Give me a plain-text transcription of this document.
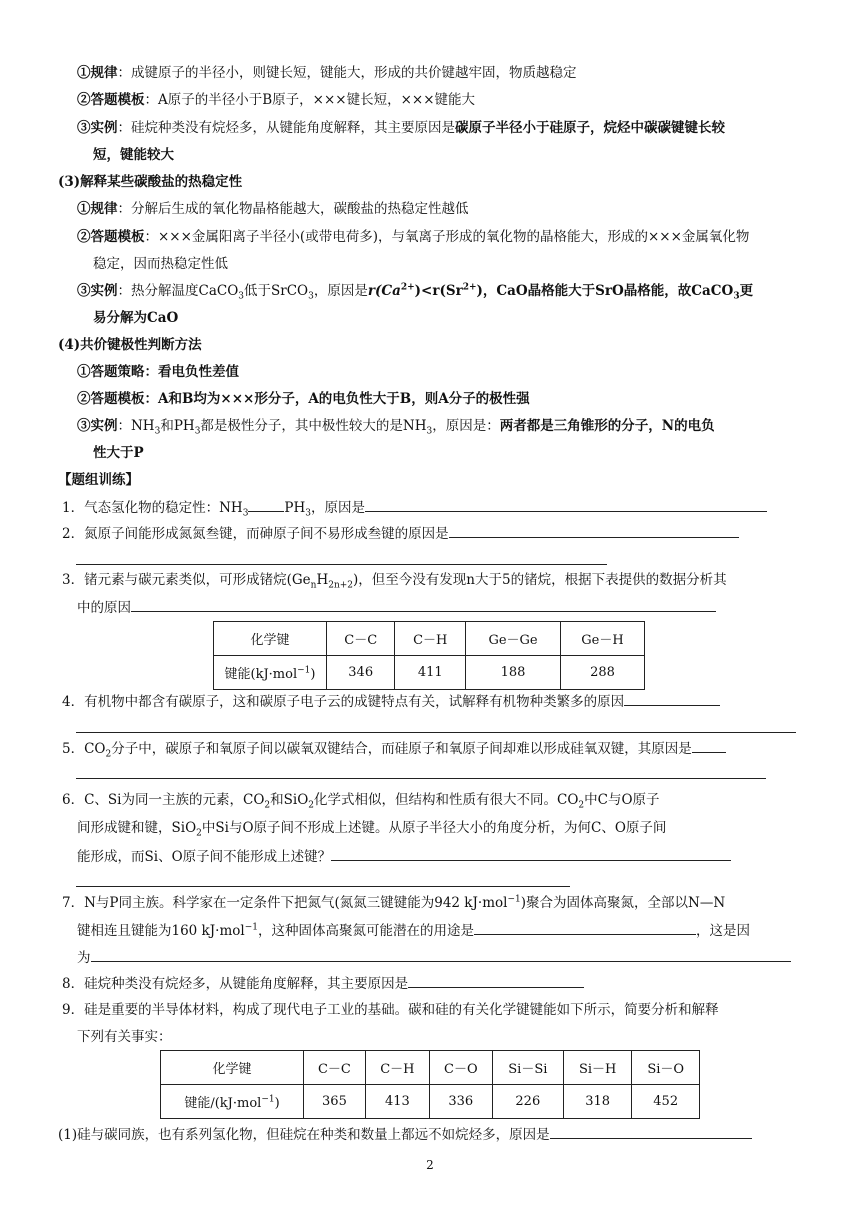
①规律：成键原子的半径小，则键长短，键能大，形成的共价键越牢固，物质越稳定
②答题模板：A原子的半径小于B原子，×××键长短，×××键能大
③实例：硅烷种类没有烷烃多，从键能角度解释，其主要原因是碳原子半径小于硅原子，烷烃中碳碳键键长较
短，键能较大
(3)解释某些碳酸盐的热稳定性
①规律：分解后生成的氧化物晶格能越大，碳酸盐的热稳定性越低
②答题模板：×××金属阳离子半径小(或带电荷多)，与氧离子形成的氧化物的晶格能大，形成的×××金属氧化物
稳定，因而热稳定性低
③实例：热分解温度CaCO$_3$低于SrCO$_3$，原因是$r(Ca^{2+})<r(Sr^{2+})$，CaO晶格能大于SrO晶格能，故CaCO$_3$更
易分解为CaO
(4)共价键极性判断方法
①答题策略：看电负性差值
②答题模板：A和B均为×××形分子，A的电负性大于B，则A分子的极性强
③实例：$NH_3$和$PH_3$都是极性分子，其中极性较大的是$NH_3$，原因是：两者都是三角锥形的分子，N的电负
性大于P
【题组训练】
1．气态氢化物的稳定性：$NH_3$	$PH_3$，原因是
2．氮原子间能形成氮氮叁键，而砷原子间不易形成叁键的原因是
3．锗元素与碳元素类似，可形成锗烷$(Ge_nH_{2n+2})$，但至今没有发现n大于5的锗烷，根据下表提供的数据分析其
中的原因
化学键	C－C	C－H	Ge－Ge	Ge－H
键能(kJ·mol$^{-1}$)	346	411	188	288
4．有机物中都含有碳原子，这和碳原子电子云的成键特点有关，试解释有机物种类繁多的原因
5．$CO_2$分子中，碳原子和氧原子间以碳氧双键结合，而硅原子和氧原子间却难以形成硅氧双键，其原因是
6．C、Si为同一主族的元素，$CO_2$和SiO$_2$化学式相似，但结构和性质有很大不同。$CO_2$中C与O原子
间形成键和键，SiO$_2$中Si与O原子间不形成上述键。从原子半径大小的角度分析，为何C、O原子间
能形成，而Si、O原子间不能形成上述键？
7．N与P同主族。科学家在一定条件下把氮气(氮氮三键键能为942 kJ·mol$^{-1}$)聚合为固体高聚氮，全部以N—N
键相连且键能为160 kJ·mol$^{-1}$，这种固体高聚氮可能潜在的用途是	，这是因
为
8．硅烷种类没有烷烃多，从键能角度解释，其主要原因是
9．硅是重要的半导体材料，构成了现代电子工业的基础。碳和硅的有关化学键键能如下所示，简要分析和解释
下列有关事实：
化学键	C－C	C－H	C－O	Si－Si	Si－H	Si－O
键能/(kJ·mol$^{-1}$)	365	413	336	226	318	452
(1)硅与碳同族，也有系列氢化物，但硅烷在种类和数量上都远不如烷烃多，原因是
2
